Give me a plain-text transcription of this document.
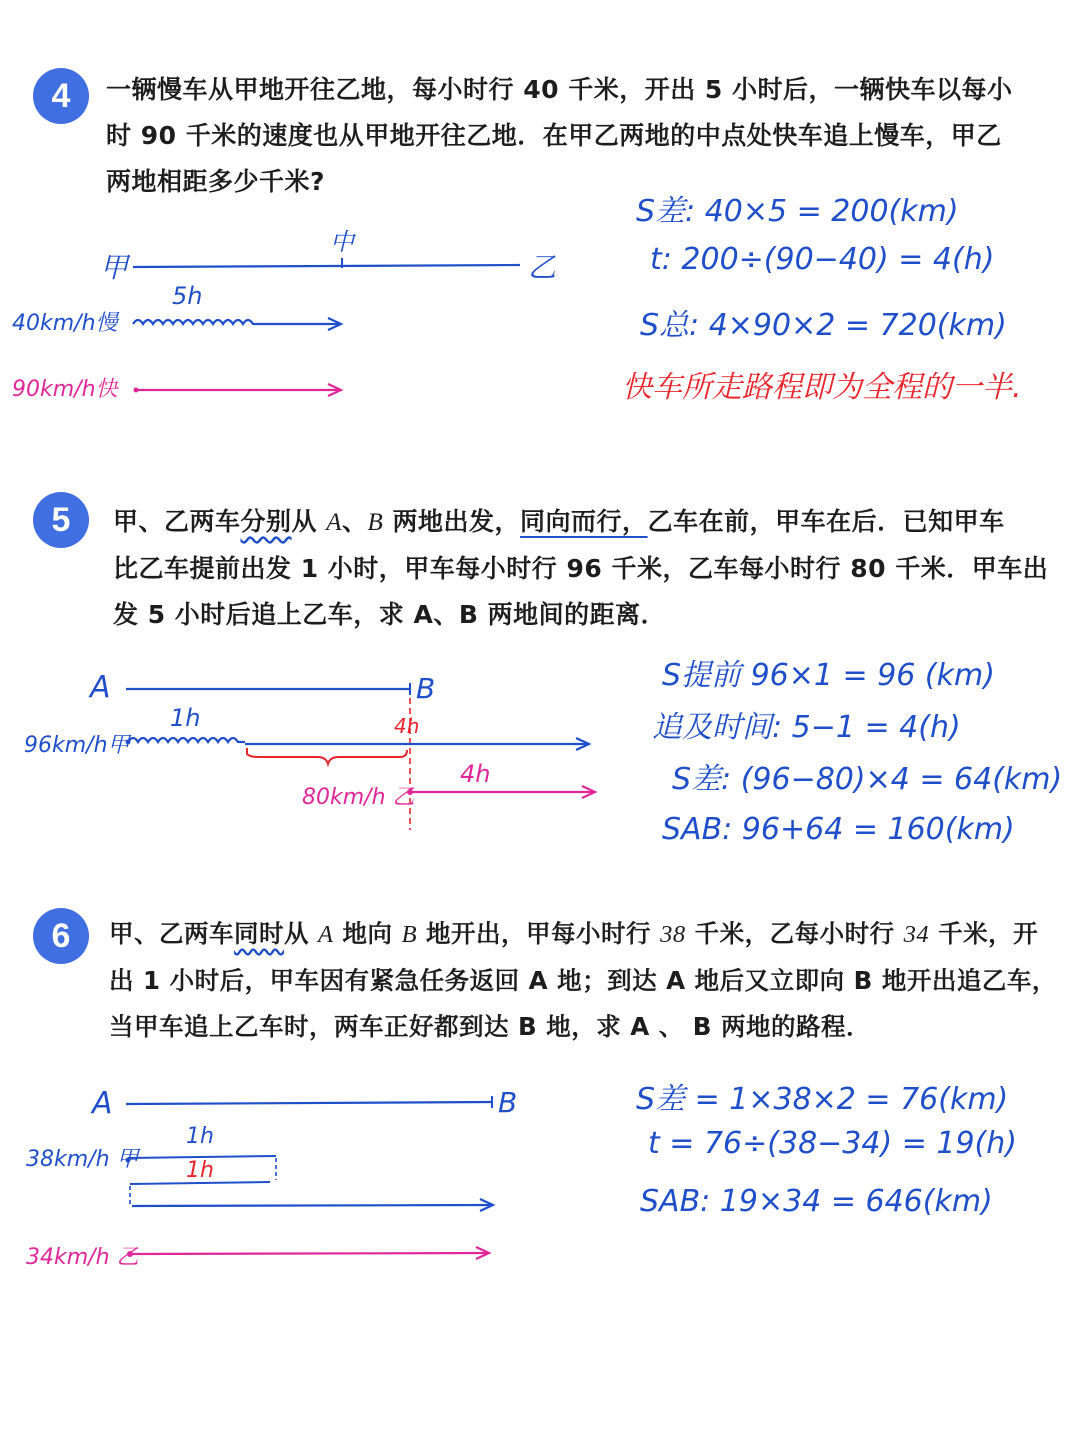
4	一辆慢车从甲地开往乙地，每小时行 40 千米，开出 5 小时后，一辆快车以每小
时 90 千米的速度也从甲地开往乙地．在甲乙两地的中点处快车追上慢车，甲乙
两地相距多少千米?
甲
中
乙
5h
40km/h慢
90km/h快
S差: 40×5 = 200(km)
t: 200÷(90−40) = 4(h)
S总: 4×90×2 = 720(km)
快车所走路程即为全程的一半.
5	甲、乙两车分别从 A、B 两地出发，同向而行，乙车在前，甲车在后．已知甲车
比乙车提前出发 1 小时，甲车每小时行 96 千米，乙车每小时行 80 千米．甲车出
发 5 小时后追上乙车，求 A、B 两地间的距离．
A	B
1h	4h
96km/h甲
80km/h 乙
4h
S提前 96×1 = 96 (km)
追及时间: 5−1 = 4(h)
S差: (96−80)×4 = 64(km)
SAB: 96+64 = 160(km)
6	甲、乙两车同时从 A 地向 B 地开出，甲每小时行 38 千米，乙每小时行 34 千米，开
出 1 小时后，甲车因有紧急任务返回 A 地；到达 A 地后又立即向 B 地开出追乙车，
当甲车追上乙车时，两车正好都到达 B 地，求 A 、 B 两地的路程．
A	B
1h
1h
38km/h 甲
34km/h 乙
S差 = 1×38×2 = 76(km)
t = 76÷(38−34) = 19(h)
SAB: 19×34 = 646(km)
